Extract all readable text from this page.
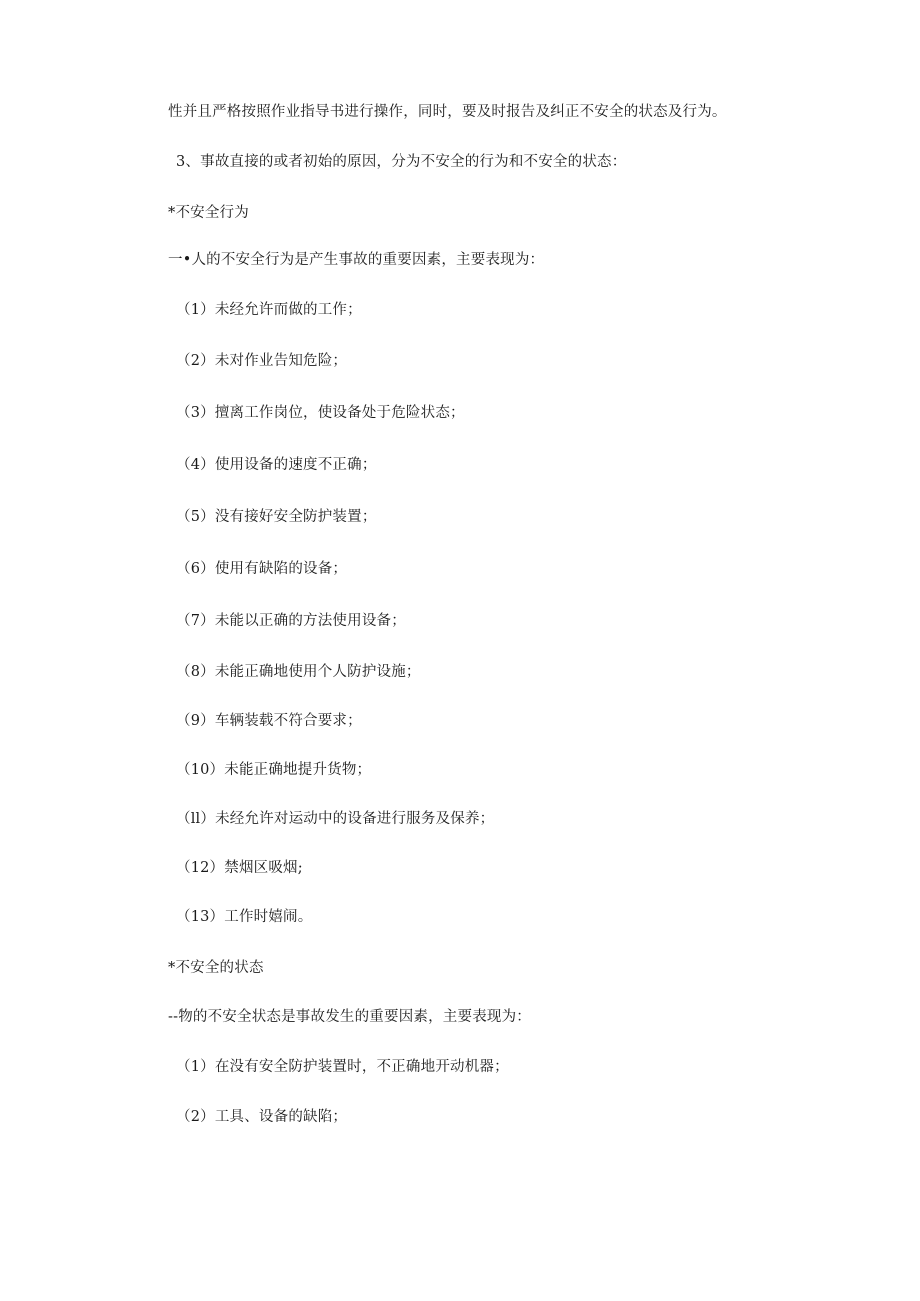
性并且严格按照作业指导书进行操作，同时，要及时报告及纠正不安全的状态及行为。
3、事故直接的或者初始的原因，分为不安全的行为和不安全的状态：
*不安全行为
一•人的不安全行为是产生事故的重要因素，主要表现为：
（1）未经允许而做的工作；
（2）未对作业告知危险；
（3）擅离工作岗位，使设备处于危险状态；
（4）使用设备的速度不正确；
（5）没有接好安全防护装置；
（6）使用有缺陷的设备；
（7）未能以正确的方法使用设备；
（8）未能正确地使用个人防护设施；
（9）车辆装载不符合要求；
（10）未能正确地提升货物；
（ll）未经允许对运动中的设备进行服务及保养；
（12）禁烟区吸烟;
（13）工作时嬉闹。
*不安全的状态
--物的不安全状态是事故发生的重要因素，主要表现为：
（1）在没有安全防护装置时，不正确地开动机器；
（2）工具、设备的缺陷；
